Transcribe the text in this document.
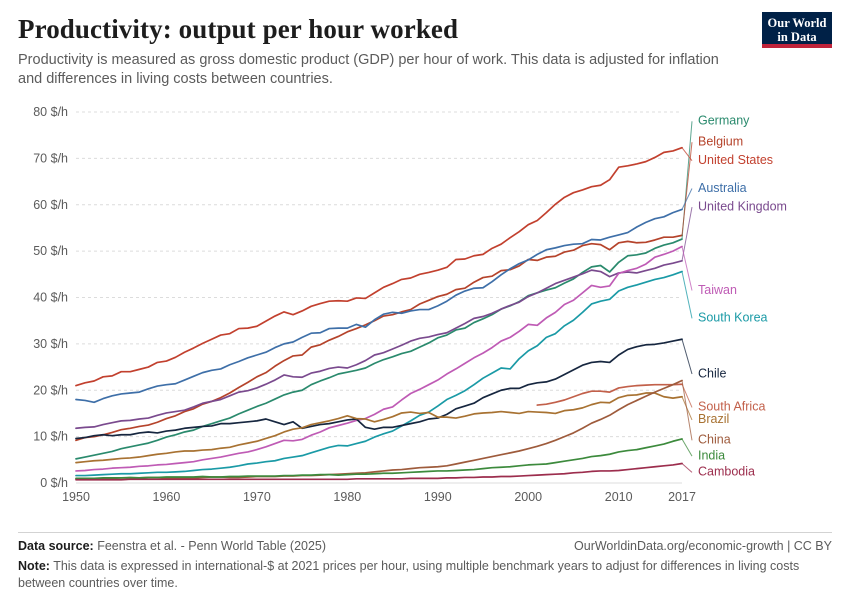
Productivity: output per hour worked

Productivity is measured as gross domestic product (GDP) per hour of work. This data is adjusted for inflation and differences in living costs between countries.

Our World
in Data
0 $/h
10 $/h
20 $/h
30 $/h
40 $/h
50 $/h
60 $/h
70 $/h
80 $/h
1950	1960	1970	1980	1990	2000	2010	2017
Germany
Belgium
United States
Australia
United Kingdom
Taiwan
South Korea
Chile
South Africa
Brazil
China
India
Cambodia
Data source: Feenstra et al. - Penn World Table (2025)	OurWorldinData.org/economic-growth | CC BY
Note: This data is expressed in international-$ at 2021 prices per hour, using multiple benchmark years to adjust for differences in living costs between countries over time.
